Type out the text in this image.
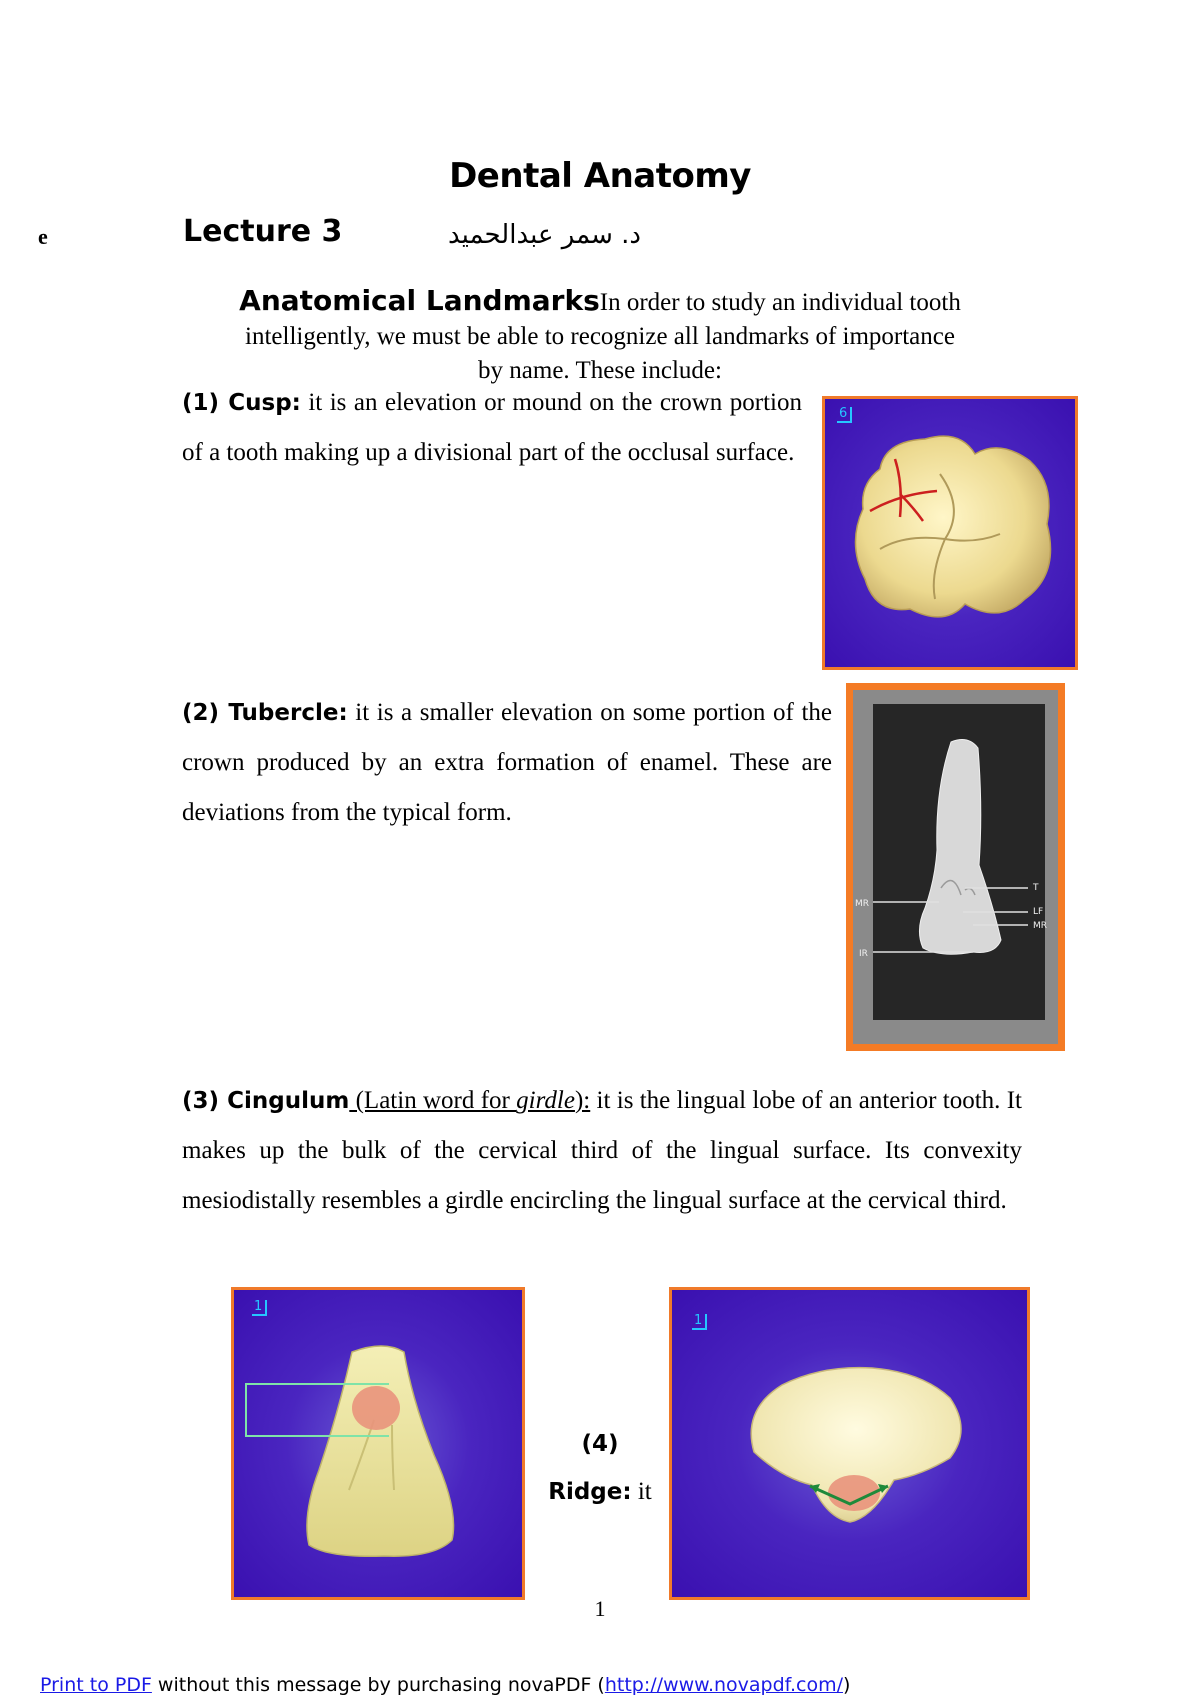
Dental Anatomy
e	Lecture 3	د. سمر عبدالحميد
Anatomical LandmarksIn order to study an individual tooth
intelligently, we must be able to recognize all landmarks of importance
by name. These include:
(1) Cusp: it is an elevation or mound on the crown portion of a tooth making up a divisional part of the occlusal surface.
6
(2) Tubercle: it is a smaller elevation on some portion of the crown produced by an extra formation of enamel. These are deviations from the typical form.
MR
T
LF
MR
IR
(3) Cingulum (Latin word for girdle): it is the lingual lobe of an anterior tooth. It makes up the bulk of the cervical third of the lingual surface. Its convexity mesiodistally resembles a girdle encircling the lingual surface at the cervical third.
1
(4)
Ridge: it
1
1
Print to PDF without this message by purchasing novaPDF (http://www.novapdf.com/)
